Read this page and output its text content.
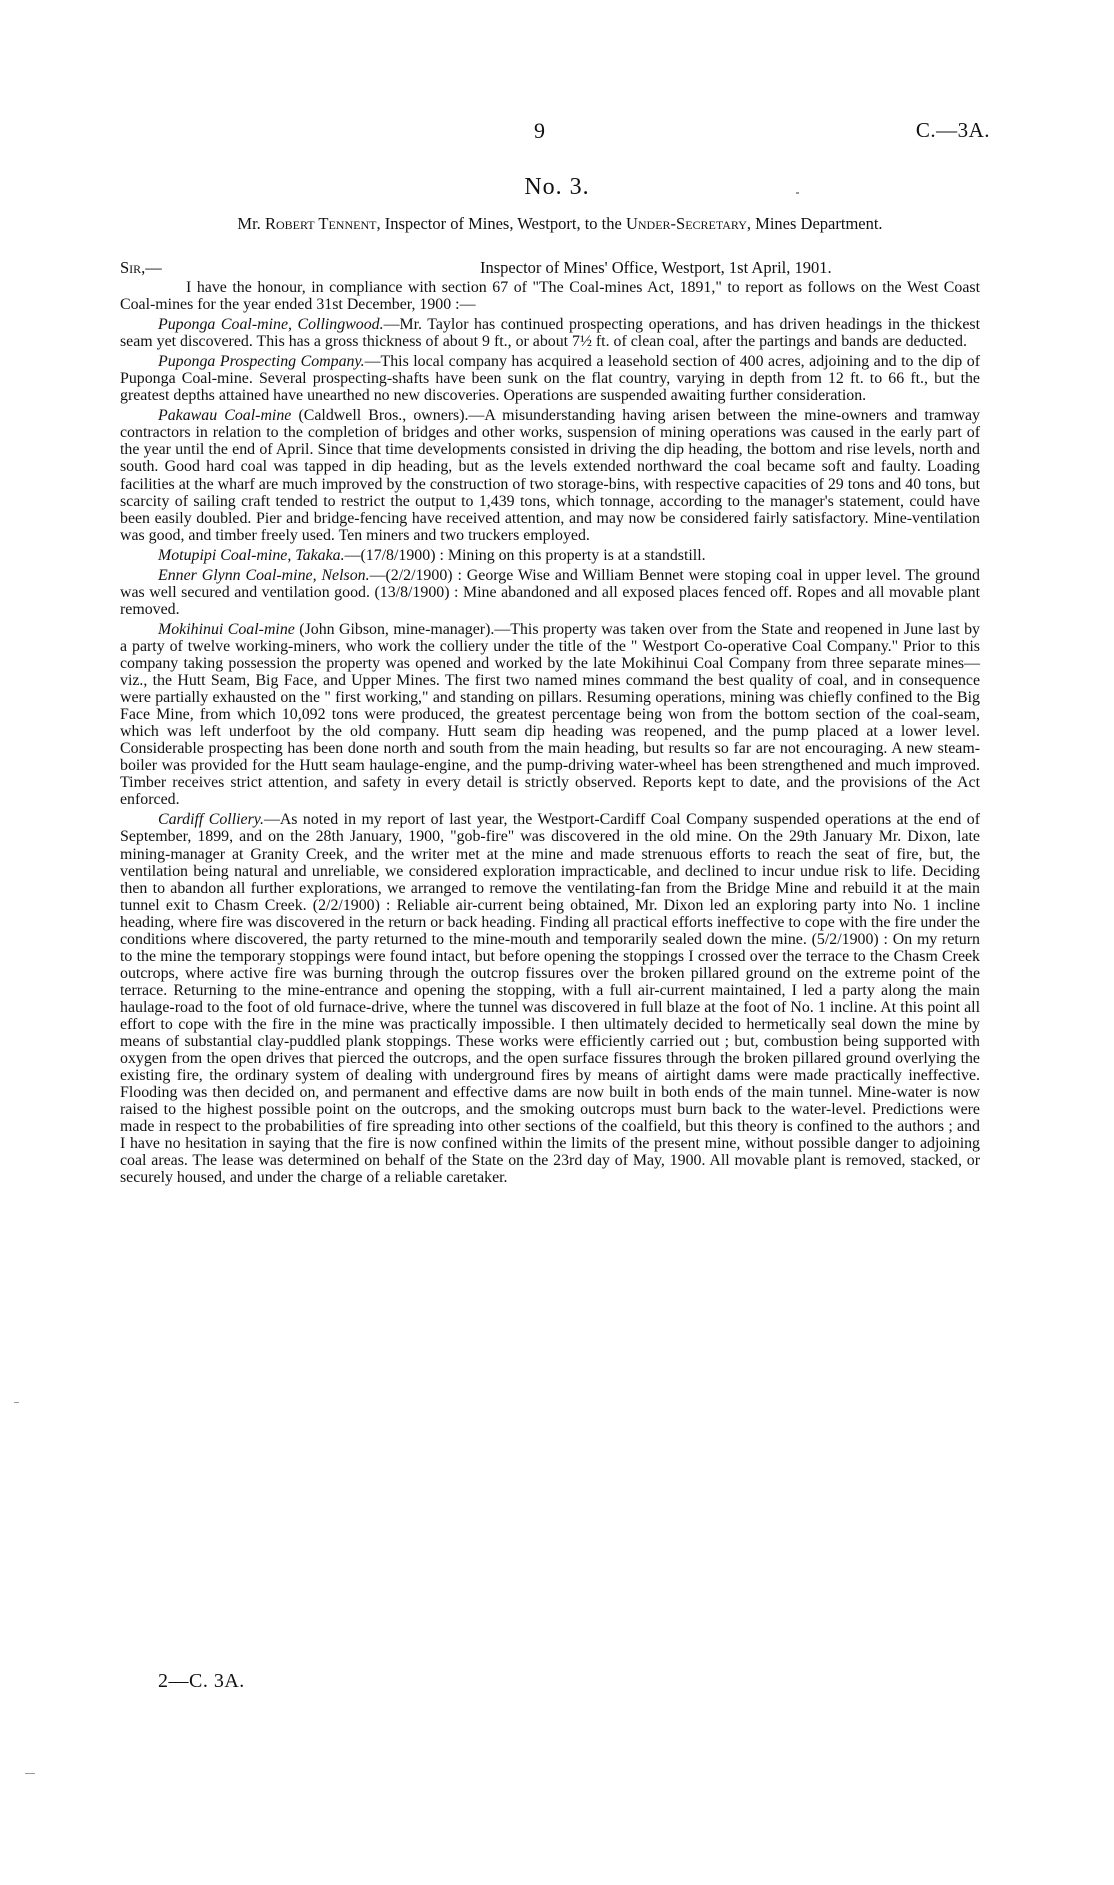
9	C.—3A.
No. 3.
Mr. Robert Tennent, Inspector of Mines, Westport, to the Under-Secretary, Mines Department.
Sir,—	Inspector of Mines' Office, Westport, 1st April, 1901.

I have the honour, in compliance with section 67 of "The Coal-mines Act, 1891," to report as follows on the West Coast Coal-mines for the year ended 31st December, 1900 :—

Puponga Coal-mine, Collingwood.—Mr. Taylor has continued prospecting operations, and has driven headings in the thickest seam yet discovered. This has a gross thickness of about 9 ft., or about 7½ ft. of clean coal, after the partings and bands are deducted.

Puponga Prospecting Company.—This local company has acquired a leasehold section of 400 acres, adjoining and to the dip of Puponga Coal-mine. Several prospecting-shafts have been sunk on the flat country, varying in depth from 12 ft. to 66 ft., but the greatest depths attained have unearthed no new discoveries. Operations are suspended awaiting further consideration.

Pakawau Coal-mine (Caldwell Bros., owners).—A misunderstanding having arisen between the mine-owners and tramway contractors in relation to the completion of bridges and other works, suspension of mining operations was caused in the early part of the year until the end of April. Since that time developments consisted in driving the dip heading, the bottom and rise levels, north and south. Good hard coal was tapped in dip heading, but as the levels extended northward the coal became soft and faulty. Loading facilities at the wharf are much improved by the construction of two storage-bins, with respective capacities of 29 tons and 40 tons, but scarcity of sailing craft tended to restrict the output to 1,439 tons, which tonnage, according to the manager's statement, could have been easily doubled. Pier and bridge-fencing have received attention, and may now be considered fairly satisfactory. Mine-ventilation was good, and timber freely used. Ten miners and two truckers employed.

Motupipi Coal-mine, Takaka.—(17/8/1900) : Mining on this property is at a standstill.

Enner Glynn Coal-mine, Nelson.—(2/2/1900) : George Wise and William Bennet were stoping coal in upper level. The ground was well secured and ventilation good. (13/8/1900) : Mine abandoned and all exposed places fenced off. Ropes and all movable plant removed.

Mokihinui Coal-mine (John Gibson, mine-manager).—This property was taken over from the State and reopened in June last by a party of twelve working-miners, who work the colliery under the title of the " Westport Co-operative Coal Company." Prior to this company taking possession the property was opened and worked by the late Mokihinui Coal Company from three separate mines—viz., the Hutt Seam, Big Face, and Upper Mines. The first two named mines command the best quality of coal, and in consequence were partially exhausted on the " first working," and standing on pillars. Resuming operations, mining was chiefly confined to the Big Face Mine, from which 10,092 tons were produced, the greatest percentage being won from the bottom section of the coal-seam, which was left underfoot by the old company. Hutt seam dip heading was reopened, and the pump placed at a lower level. Considerable prospecting has been done north and south from the main heading, but results so far are not encouraging. A new steam-boiler was provided for the Hutt seam haulage-engine, and the pump-driving water-wheel has been strengthened and much improved. Timber receives strict attention, and safety in every detail is strictly observed. Reports kept to date, and the provisions of the Act enforced.

Cardiff Colliery.—As noted in my report of last year, the Westport-Cardiff Coal Company suspended operations at the end of September, 1899, and on the 28th January, 1900, "gob-fire" was discovered in the old mine. On the 29th January Mr. Dixon, late mining-manager at Granity Creek, and the writer met at the mine and made strenuous efforts to reach the seat of fire, but, the ventilation being natural and unreliable, we considered exploration impracticable, and declined to incur undue risk to life. Deciding then to abandon all further explorations, we arranged to remove the ventilating-fan from the Bridge Mine and rebuild it at the main tunnel exit to Chasm Creek. (2/2/1900) : Reliable air-current being obtained, Mr. Dixon led an exploring party into No. 1 incline heading, where fire was discovered in the return or back heading. Finding all practical efforts ineffective to cope with the fire under the conditions where discovered, the party returned to the mine-mouth and temporarily sealed down the mine. (5/2/1900) : On my return to the mine the temporary stoppings were found intact, but before opening the stoppings I crossed over the terrace to the Chasm Creek outcrops, where active fire was burning through the outcrop fissures over the broken pillared ground on the extreme point of the terrace. Returning to the mine-entrance and opening the stopping, with a full air-current maintained, I led a party along the main haulage-road to the foot of old furnace-drive, where the tunnel was discovered in full blaze at the foot of No. 1 incline. At this point all effort to cope with the fire in the mine was practically impossible. I then ultimately decided to hermetically seal down the mine by means of substantial clay-puddled plank stoppings. These works were efficiently carried out ; but, combustion being supported with oxygen from the open drives that pierced the outcrops, and the open surface fissures through the broken pillared ground overlying the existing fire, the ordinary system of dealing with underground fires by means of airtight dams were made practically ineffective. Flooding was then decided on, and permanent and effective dams are now built in both ends of the main tunnel. Mine-water is now raised to the highest possible point on the outcrops, and the smoking outcrops must burn back to the water-level. Predictions were made in respect to the probabilities of fire spreading into other sections of the coalfield, but this theory is confined to the authors ; and I have no hesitation in saying that the fire is now confined within the limits of the present mine, without possible danger to adjoining coal areas. The lease was determined on behalf of the State on the 23rd day of May, 1900. All movable plant is removed, stacked, or securely housed, and under the charge of a reliable caretaker.

2—C. 3A.
